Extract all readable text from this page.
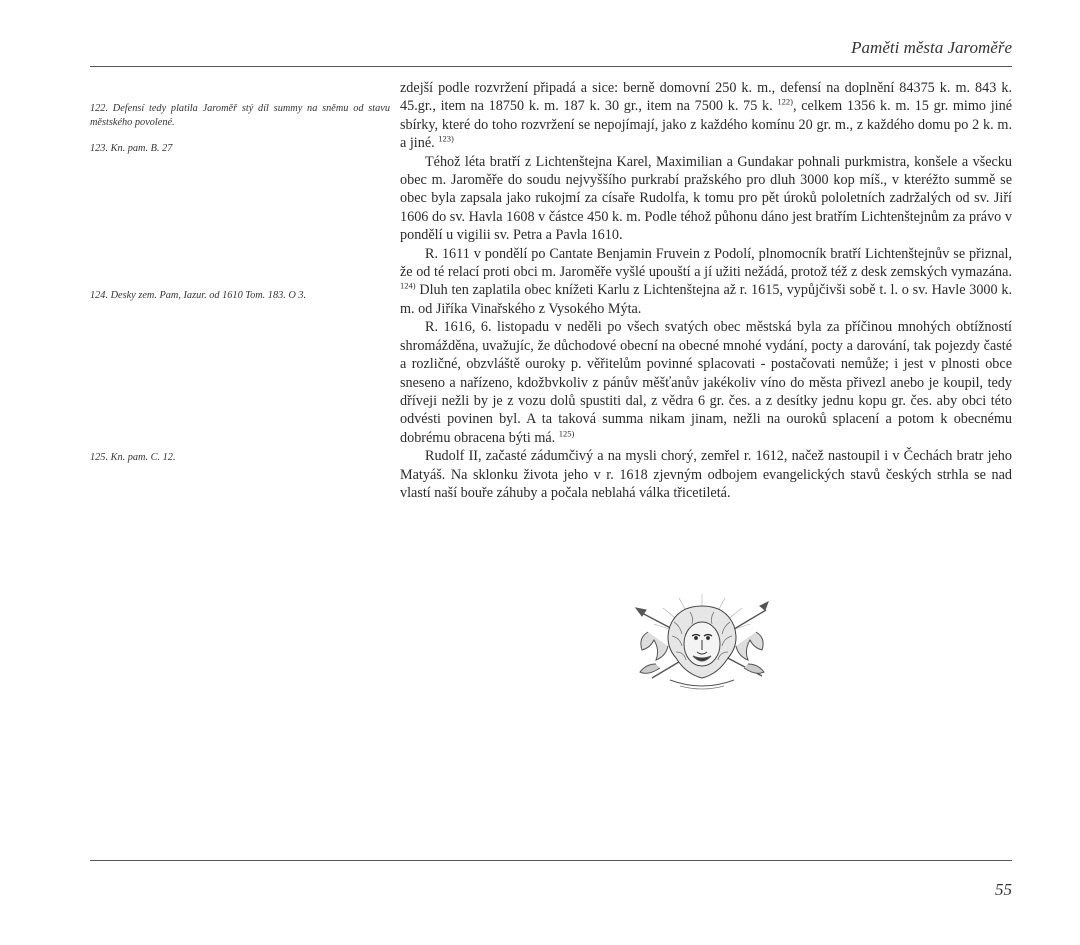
Paměti města Jaroměře
122. Defensí tedy platila Jaroměř stý díl summy na sněmu od stavu městského povolené.
123. Kn. pam. B. 27
124. Desky zem. Pam, Iazur. od 1610 Tom. 183. O 3.
125. Kn. pam. C. 12.

zdejší podle rozvržení připadá a sice: berně domovní 250 k. m., defensí na doplnění 84375 k. m. 843 k. 45.gr., item na 18750 k. m. 187 k. 30 gr., item na 7500 k. 75 k. $^{122)}$, celkem 1356 k. m. 15 gr. mimo jiné sbírky, které do toho rozvržení se nepojímají, jako z každého komínu 20 gr. m., z každého domu po 2 k. m. a jiné. $^{123)}$

Téhož léta bratří z Lichtenštejna Karel, Maximilian a Gundakar pohnali purkmistra, konšele a všecku obec m. Jaroměře do soudu nejvyššího purkrabí pražského pro dluh 3000 kop míš., v kteréžto summě se obec byla zapsala jako rukojmí za císaře Rudolfa, k tomu pro pět úroků pololetních zadržalých od sv. Jiří 1606 do sv. Havla 1608 v částce 450 k. m. Podle téhož půhonu dáno jest bratřím Lichtenštejnům za právo v pondělí u vigilii sv. Petra a Pavla 1610.

R. 1611 v pondělí po Cantate Benjamin Fruvein z Podolí, plnomocník bratří Lichtenštejnův se přiznal, že od té relací proti obci m. Jaroměře vyšlé upouští a jí užiti nežádá, protož též z desk zemských vymazána. $^{124)}$ Dluh ten zaplatila obec knížeti Karlu z Lichtenštejna až r. 1615, vypůjčivši sobě t. l. o sv. Havle 3000 k. m. od Jiříka Vinařského z Vysokého Mýta.

R. 1616, 6. listopadu v neděli po všech svatých obec městská byla za příčinou mnohých obtížností shromážděna, uvažujíc, že důchodové obecní na obecné mnohé vydání, pocty a darování, tak pojezdy časté a rozličné, obzvláště ouroky p. věřitelům povinné splacovati - postačovati nemůže; i jest v plnosti obce sneseno a nařízeno, kdožbvkoliv z pánův měšťanův jakékoliv víno do města přivezl anebo je koupil, tedy dříveji nežli by je z vozu dolů spustiti dal, z vědra 6 gr. čes. a z desítky jednu kopu gr. čes. aby obci této odvésti povinen byl. A ta taková summa nikam jinam, nežli na ouroků splacení a potom k obecnému dobrému obracena býti má. $^{125)}$

Rudolf II, začasté zádumčivý a na mysli chorý, zemřel r. 1612, načež nastoupil i v Čechách bratr jeho Matyáš. Na sklonku života jeho v r. 1618 zjevným odbojem evangelických stavů českých strhla se nad vlastí naší bouře záhuby a počala neblahá válka třicetiletá.

55
